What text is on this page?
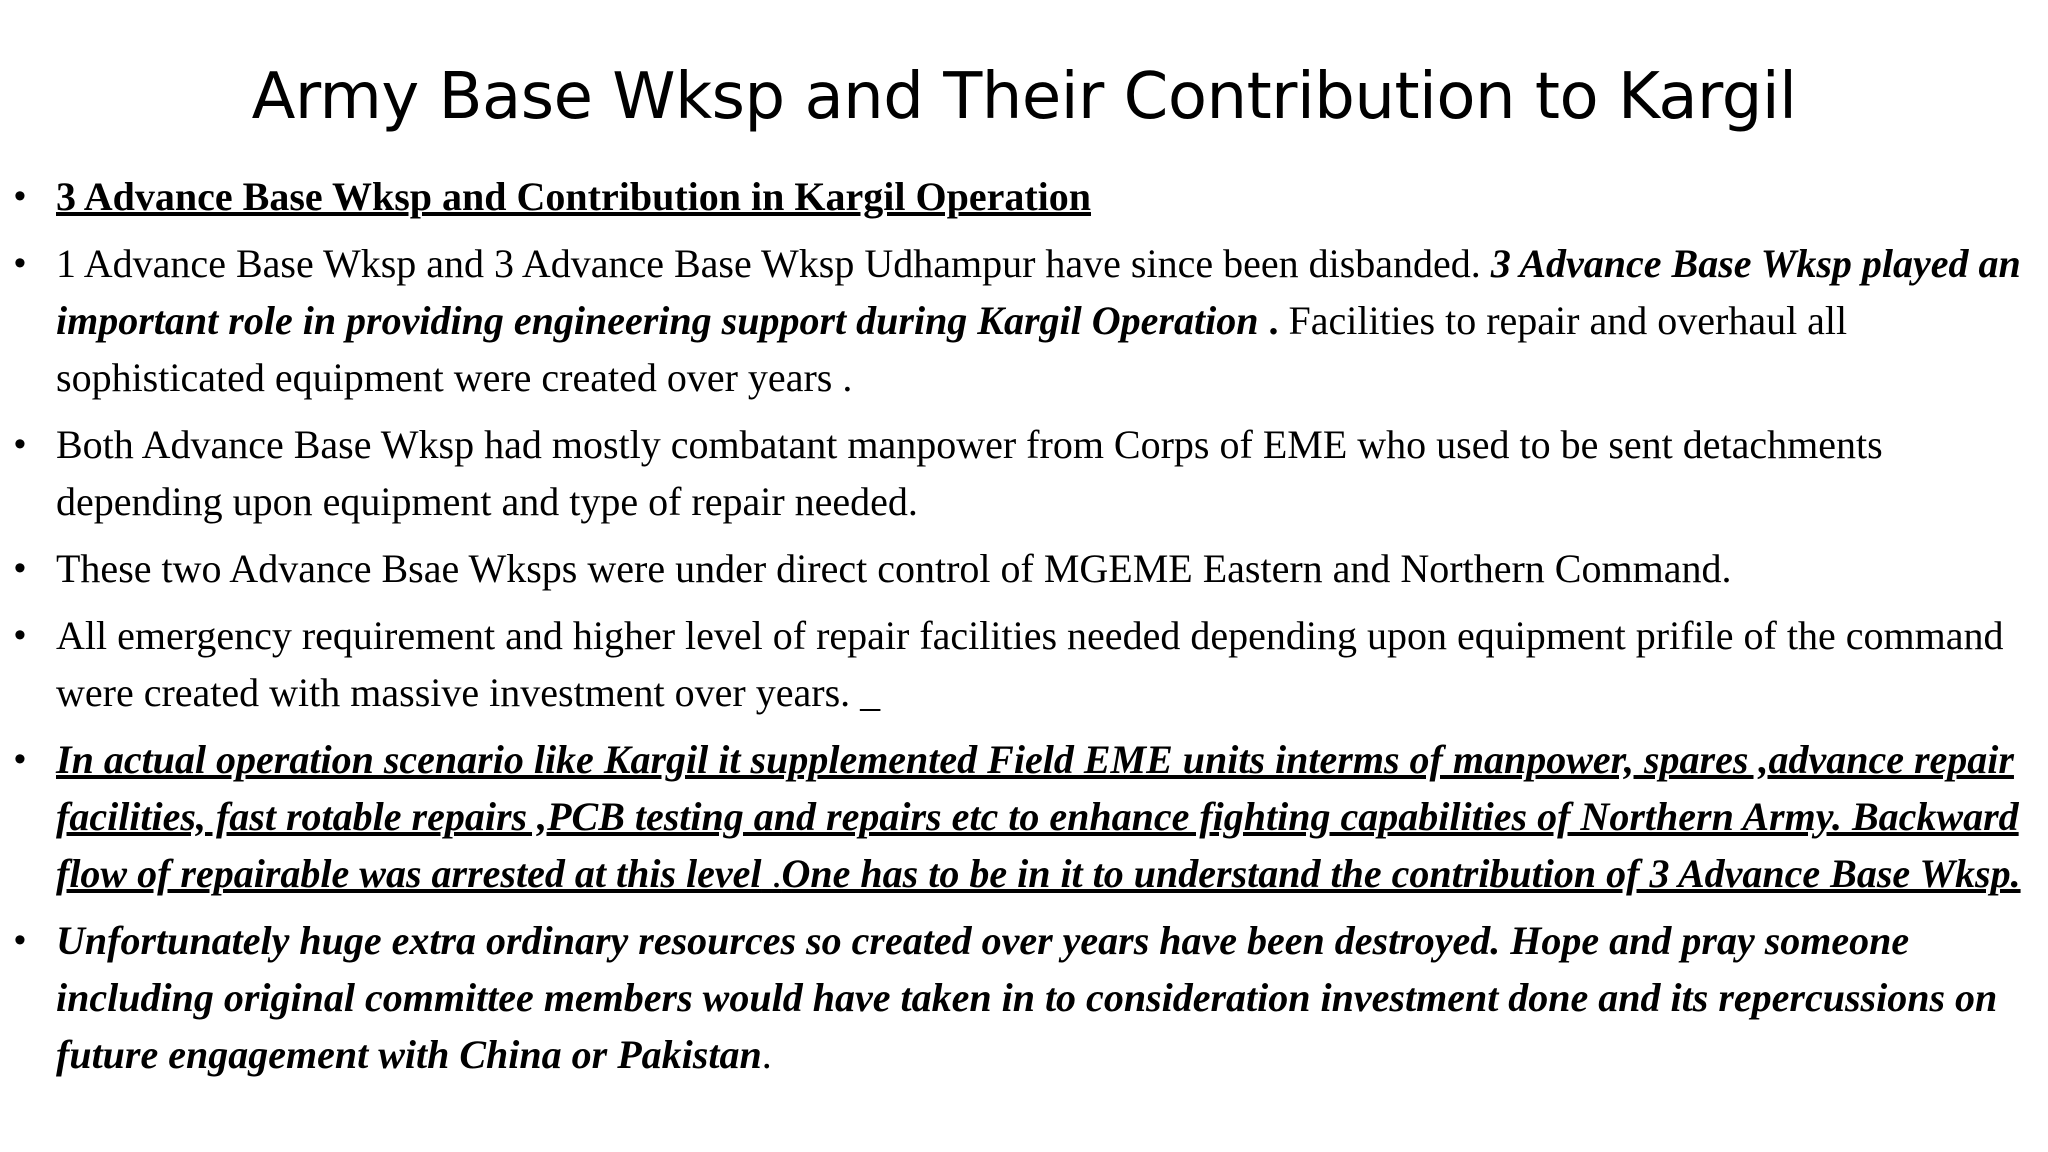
Army Base Wksp and Their Contribution to Kargil
• 3 Advance Base Wksp and Contribution in Kargil Operation
• 1 Advance Base Wksp and 3 Advance Base Wksp Udhampur have since been disbanded. 3 Advance Base Wksp played an important role in providing engineering support during Kargil Operation . Facilities to repair and overhaul all sophisticated equipment were created over years .
• Both Advance Base Wksp had mostly combatant manpower from Corps of EME who used to be sent detachments depending upon equipment and type of repair needed.
• These two Advance Bsae Wksps were under direct control of MGEME Eastern and Northern Command.
• All emergency requirement and higher level of repair facilities needed depending upon equipment prifile of the command were created with massive investment over years. _
• In actual operation scenario like Kargil it supplemented Field EME units interms of manpower, spares ,advance repair facilities, fast rotable repairs ,PCB testing and repairs etc to enhance fighting capabilities of Northern Army. Backward flow of repairable was arrested at this level .One has to be in it to understand the contribution of 3 Advance Base Wksp.
• Unfortunately huge extra ordinary resources so created over years have been destroyed. Hope and pray someone including original committee members would have taken in to consideration investment done and its repercussions on future engagement with China or Pakistan.
